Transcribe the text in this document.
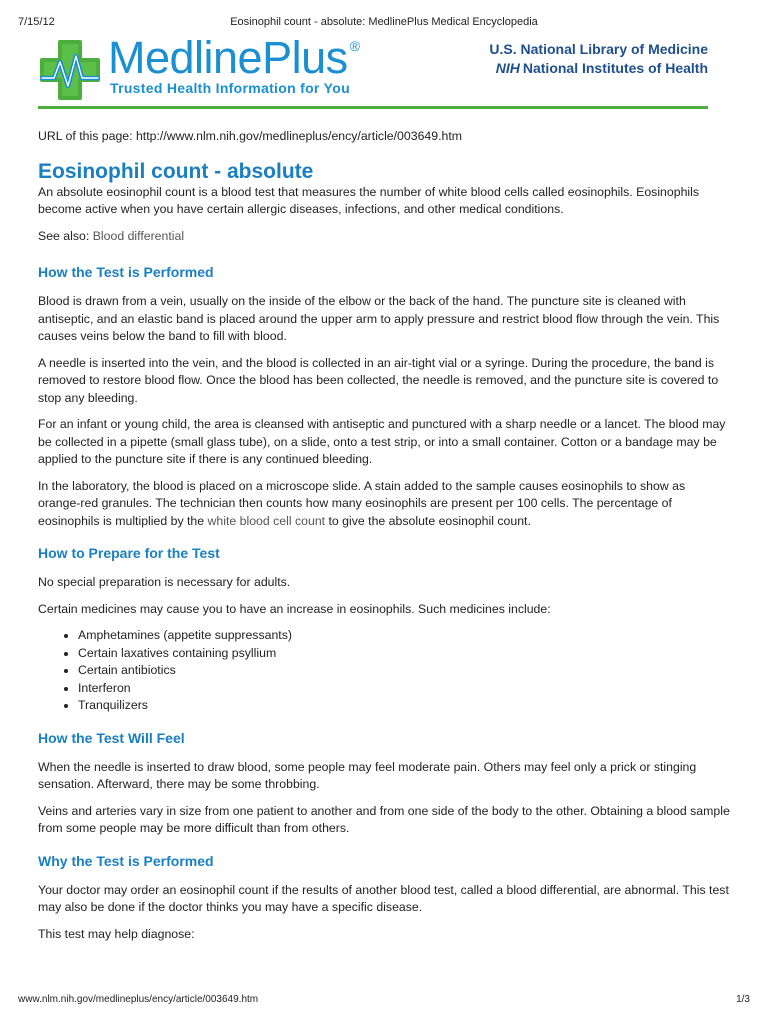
7/15/12	Eosinophil count - absolute: MedlinePlus Medical Encyclopedia
MedlinePlus ®
Trusted Health Information for You
U.S. National Library of Medicine
NIH National Institutes of Health

URL of this page: http://www.nlm.nih.gov/medlineplus/ency/article/003649.htm

Eosinophil count - absolute

An absolute eosinophil count is a blood test that measures the number of white blood cells called eosinophils. Eosinophils become active when you have certain allergic diseases, infections, and other medical conditions.

See also: Blood differential

How the Test is Performed

Blood is drawn from a vein, usually on the inside of the elbow or the back of the hand. The puncture site is cleaned with antiseptic, and an elastic band is placed around the upper arm to apply pressure and restrict blood flow through the vein. This causes veins below the band to fill with blood.

A needle is inserted into the vein, and the blood is collected in an air-tight vial or a syringe. During the procedure, the band is removed to restore blood flow. Once the blood has been collected, the needle is removed, and the puncture site is covered to stop any bleeding.

For an infant or young child, the area is cleansed with antiseptic and punctured with a sharp needle or a lancet. The blood may be collected in a pipette (small glass tube), on a slide, onto a test strip, or into a small container. Cotton or a bandage may be applied to the puncture site if there is any continued bleeding.

In the laboratory, the blood is placed on a microscope slide. A stain added to the sample causes eosinophils to show as orange-red granules. The technician then counts how many eosinophils are present per 100 cells. The percentage of eosinophils is multiplied by the white blood cell count to give the absolute eosinophil count.

How to Prepare for the Test

No special preparation is necessary for adults.

Certain medicines may cause you to have an increase in eosinophils. Such medicines include:

• Amphetamines (appetite suppressants)
• Certain laxatives containing psyllium
• Certain antibiotics
• Interferon
• Tranquilizers
How the Test Will Feel

When the needle is inserted to draw blood, some people may feel moderate pain. Others may feel only a prick or stinging sensation. Afterward, there may be some throbbing.

Veins and arteries vary in size from one patient to another and from one side of the body to the other. Obtaining a blood sample from some people may be more difficult than from others.

Why the Test is Performed

Your doctor may order an eosinophil count if the results of another blood test, called a blood differential, are abnormal. This test may also be done if the doctor thinks you may have a specific disease.

This test may help diagnose:

www.nlm.nih.gov/medlineplus/ency/article/003649.htm	1/3
